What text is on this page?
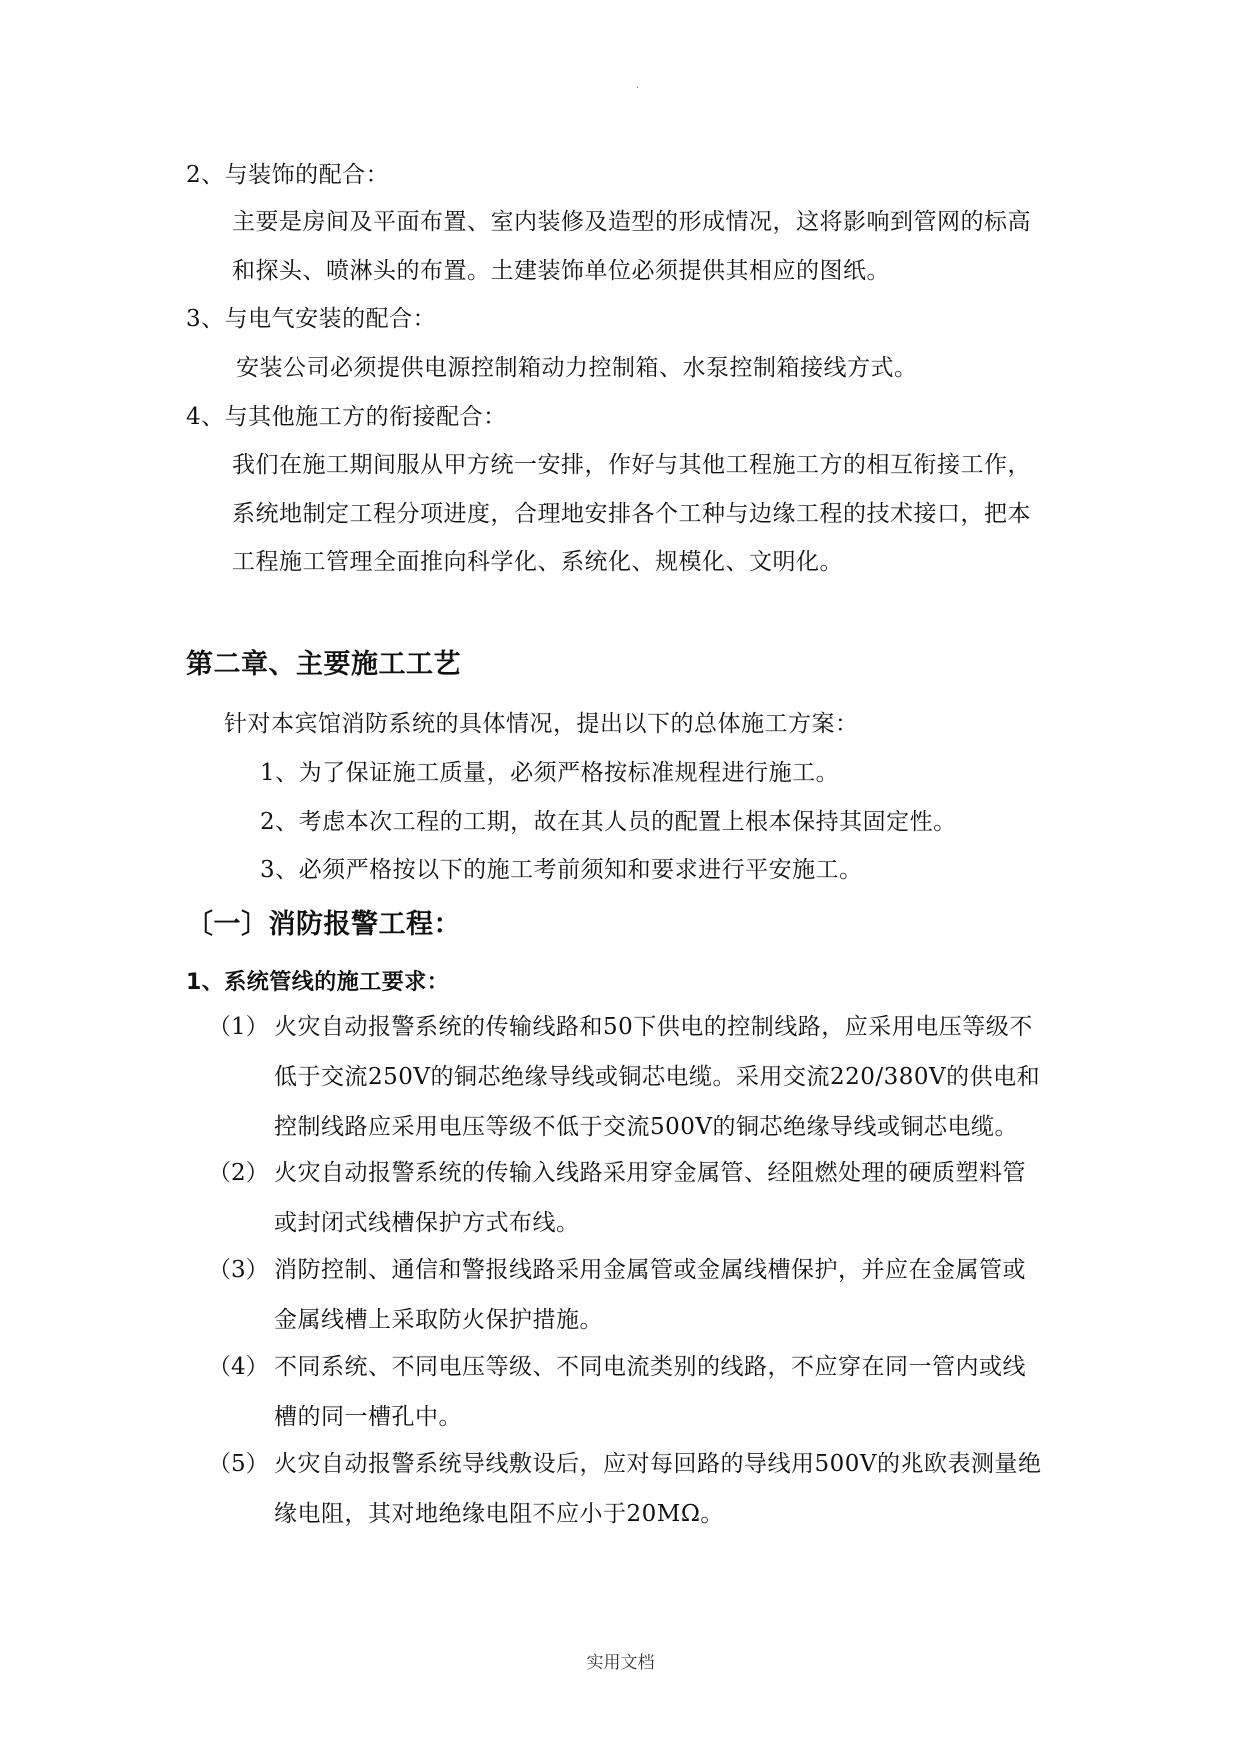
.
2、与装饰的配合：
主要是房间及平面布置、室内装修及造型的形成情况，这将影响到管网的标高
和探头、喷淋头的布置。土建装饰单位必须提供其相应的图纸。
3、与电气安装的配合：
安装公司必须提供电源控制箱动力控制箱、水泵控制箱接线方式。
4、与其他施工方的衔接配合：
我们在施工期间服从甲方统一安排，作好与其他工程施工方的相互衔接工作，
系统地制定工程分项进度，合理地安排各个工种与边缘工程的技术接口，把本
工程施工管理全面推向科学化、系统化、规模化、文明化。
第二章、主要施工工艺
针对本宾馆消防系统的具体情况，提出以下的总体施工方案：
1、为了保证施工质量，必须严格按标准规程进行施工。
2、考虑本次工程的工期，故在其人员的配置上根本保持其固定性。
3、必须严格按以下的施工考前须知和要求进行平安施工。
〔一〕消防报警工程：
1、系统管线的施工要求：
（1） 火灾自动报警系统的传输线路和50下供电的控制线路，应采用电压等级不
低于交流250V的铜芯绝缘导线或铜芯电缆。采用交流220/380V的供电和
控制线路应采用电压等级不低于交流500V的铜芯绝缘导线或铜芯电缆。
（2） 火灾自动报警系统的传输入线路采用穿金属管、经阻燃处理的硬质塑料管
或封闭式线槽保护方式布线。
（3） 消防控制、通信和警报线路采用金属管或金属线槽保护，并应在金属管或
金属线槽上采取防火保护措施。
（4） 不同系统、不同电压等级、不同电流类别的线路，不应穿在同一管内或线
槽的同一槽孔中。
（5） 火灾自动报警系统导线敷设后，应对每回路的导线用500V的兆欧表测量绝
缘电阻，其对地绝缘电阻不应小于20MΩ。
实用文档
